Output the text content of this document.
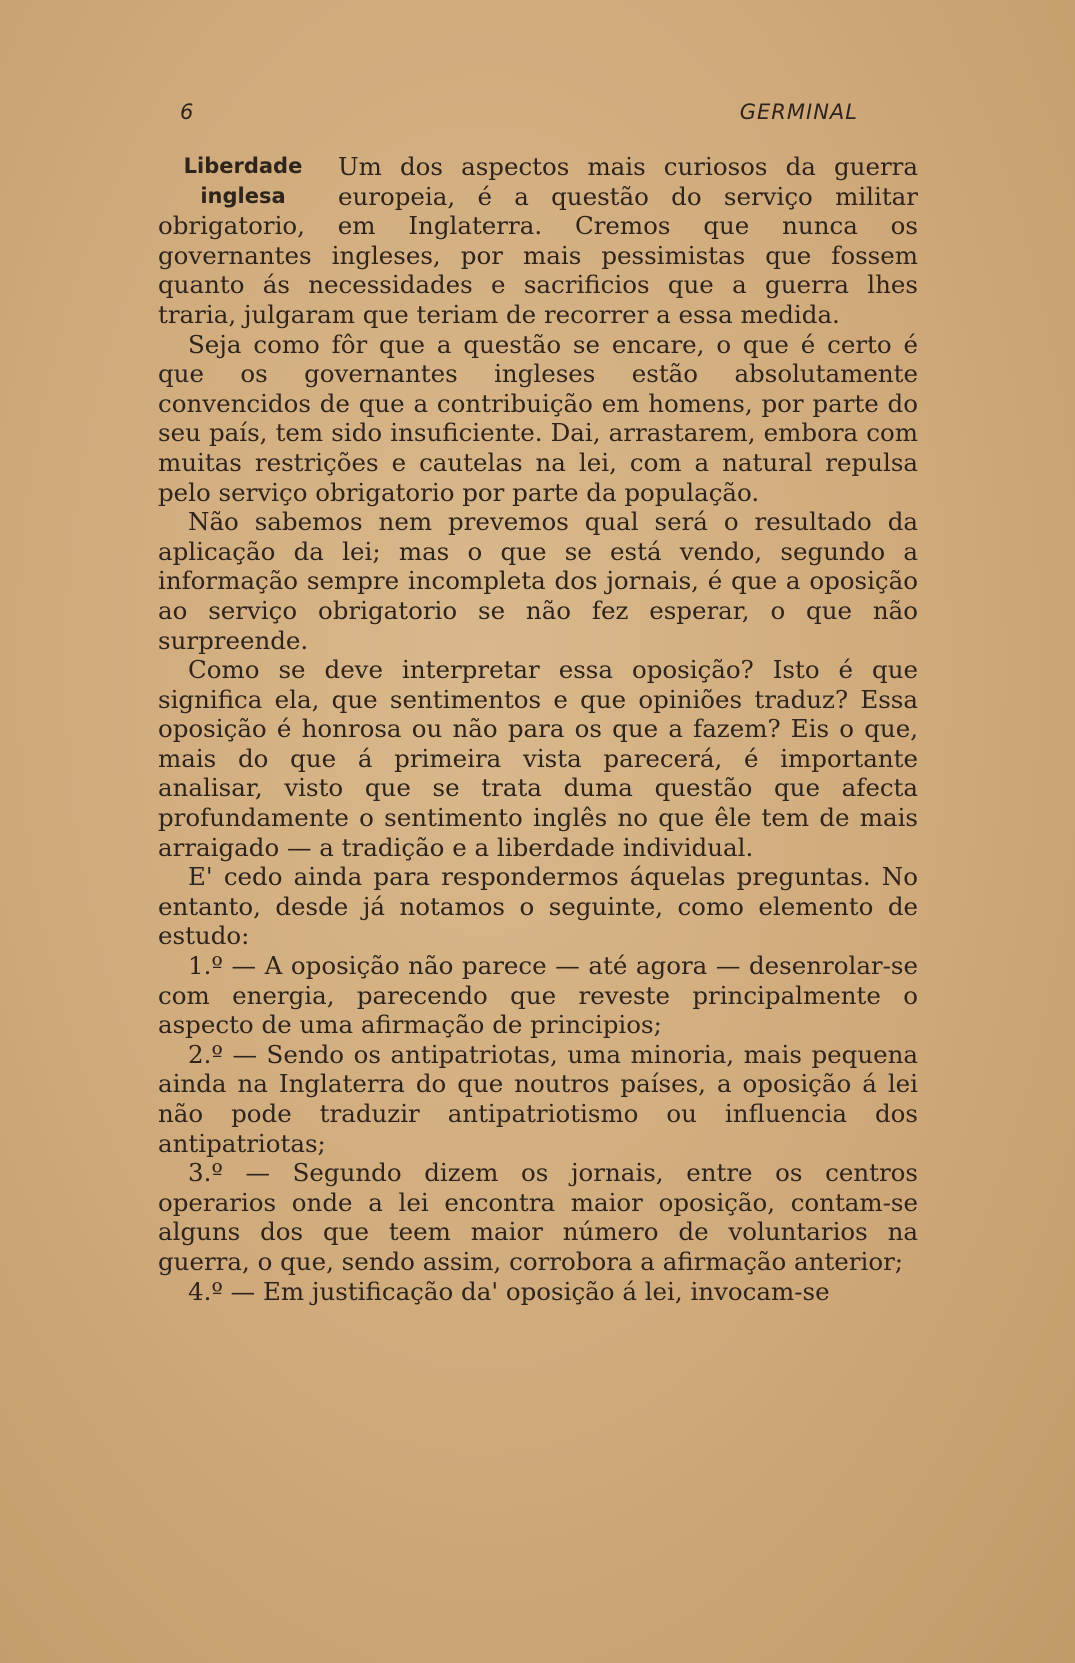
6	GERMINAL
Liberdade
inglesa

Um dos aspectos mais curiosos da guerra europeia, é a questão do serviço militar obrigatorio, em Inglaterra. Cremos que nunca os governantes ingleses, por mais pessimistas que fossem quanto ás necessidades e sacrificios que a guerra lhes traria, julgaram que teriam de recorrer a essa medida.

Seja como fôr que a questão se encare, o que é certo é que os governantes ingleses estão absolutamente convencidos de que a contribuição em homens, por parte do seu país, tem sido insuficiente. Dai, arrastarem, embora com muitas restrições e cautelas na lei, com a natural repulsa pelo serviço obrigatorio por parte da população.

Não sabemos nem prevemos qual será o resultado da aplicação da lei; mas o que se está vendo, segundo a informação sempre incompleta dos jornais, é que a oposição ao serviço obrigatorio se não fez esperar, o que não surpreende.

Como se deve interpretar essa oposição? Isto é que significa ela, que sentimentos e que opiniões traduz? Essa oposição é honrosa ou não para os que a fazem? Eis o que, mais do que á primeira vista parecerá, é importante analisar, visto que se trata duma questão que afecta profundamente o sentimento inglês no que êle tem de mais arraigado — a tradição e a liberdade individual.

E' cedo ainda para respondermos áquelas preguntas. No entanto, desde já notamos o seguinte, como elemento de estudo:

1.º — A oposição não parece — até agora — desenrolar-se com energia, parecendo que reveste principalmente o aspecto de uma afirmação de principios;

2.º — Sendo os antipatriotas, uma minoria, mais pequena ainda na Inglaterra do que noutros países, a oposição á lei não pode traduzir antipatriotismo ou influencia dos antipatriotas;

3.º — Segundo dizem os jornais, entre os centros operarios onde a lei encontra maior oposição, contam-se alguns dos que teem maior número de voluntarios na guerra, o que, sendo assim, corrobora a afirmação anterior;

4.º — Em justificação da' oposição á lei, invocam-se
